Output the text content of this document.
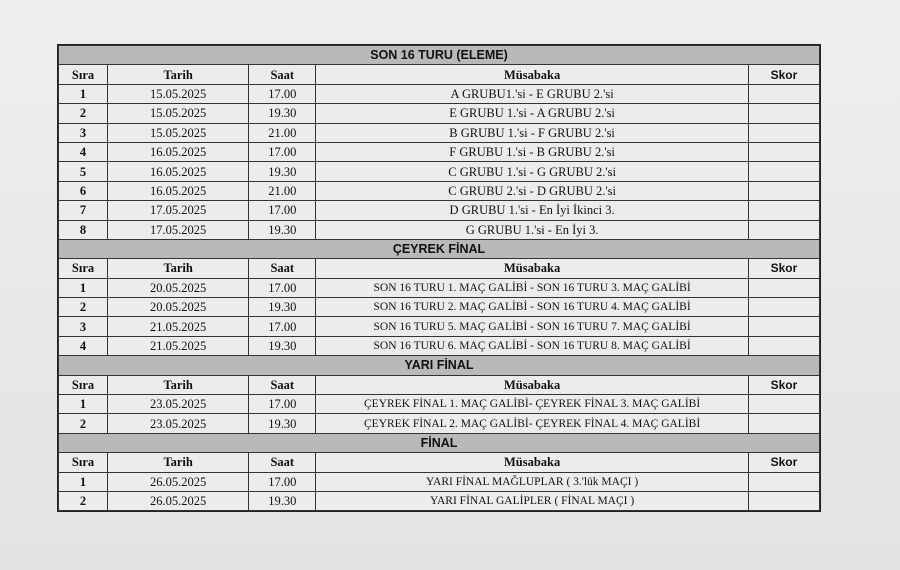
SON 16 TURU (ELEME)				
Sıra	Tarih	Saat	Müsabaka	Skor
1	15.05.2025	17.00	A GRUBU1.'si - E GRUBU 2.'si	
2	15.05.2025	19.30	E GRUBU 1.'si - A GRUBU 2.'si	
3	15.05.2025	21.00	B GRUBU 1.'si - F GRUBU 2.'si	
4	16.05.2025	17.00	F GRUBU 1.'si - B GRUBU 2.'si	
5	16.05.2025	19.30	C GRUBU 1.'si - G GRUBU 2.'si	
6	16.05.2025	21.00	C GRUBU 2.'si - D GRUBU 2.'si	
7	17.05.2025	17.00	D GRUBU 1.'si - En İyi İkinci 3.	
8	17.05.2025	19.30	G GRUBU 1.'si - En İyi 3.	
ÇEYREK FİNAL				
Sıra	Tarih	Saat	Müsabaka	Skor
1	20.05.2025	17.00	SON 16 TURU 1. MAÇ GALİBİ - SON 16 TURU 3. MAÇ GALİBİ	
2	20.05.2025	19.30	SON 16 TURU 2. MAÇ GALİBİ - SON 16 TURU 4. MAÇ GALİBİ	
3	21.05.2025	17.00	SON 16 TURU 5. MAÇ GALİBİ - SON 16 TURU 7. MAÇ GALİBİ	
4	21.05.2025	19.30	SON 16 TURU 6. MAÇ GALİBİ - SON 16 TURU 8. MAÇ GALİBİ	
YARI FİNAL				
Sıra	Tarih	Saat	Müsabaka	Skor
1	23.05.2025	17.00	ÇEYREK FİNAL 1. MAÇ GALİBİ- ÇEYREK FİNAL 3. MAÇ GALİBİ	
2	23.05.2025	19.30	ÇEYREK FİNAL 2. MAÇ GALİBİ- ÇEYREK FİNAL 4. MAÇ GALİBİ	
FİNAL				
Sıra	Tarih	Saat	Müsabaka	Skor
1	26.05.2025	17.00	YARI FİNAL MAĞLUPLAR ( 3.'lük MAÇI )	
2	26.05.2025	19.30	YARI FİNAL GALİPLER ( FİNAL MAÇI )	
